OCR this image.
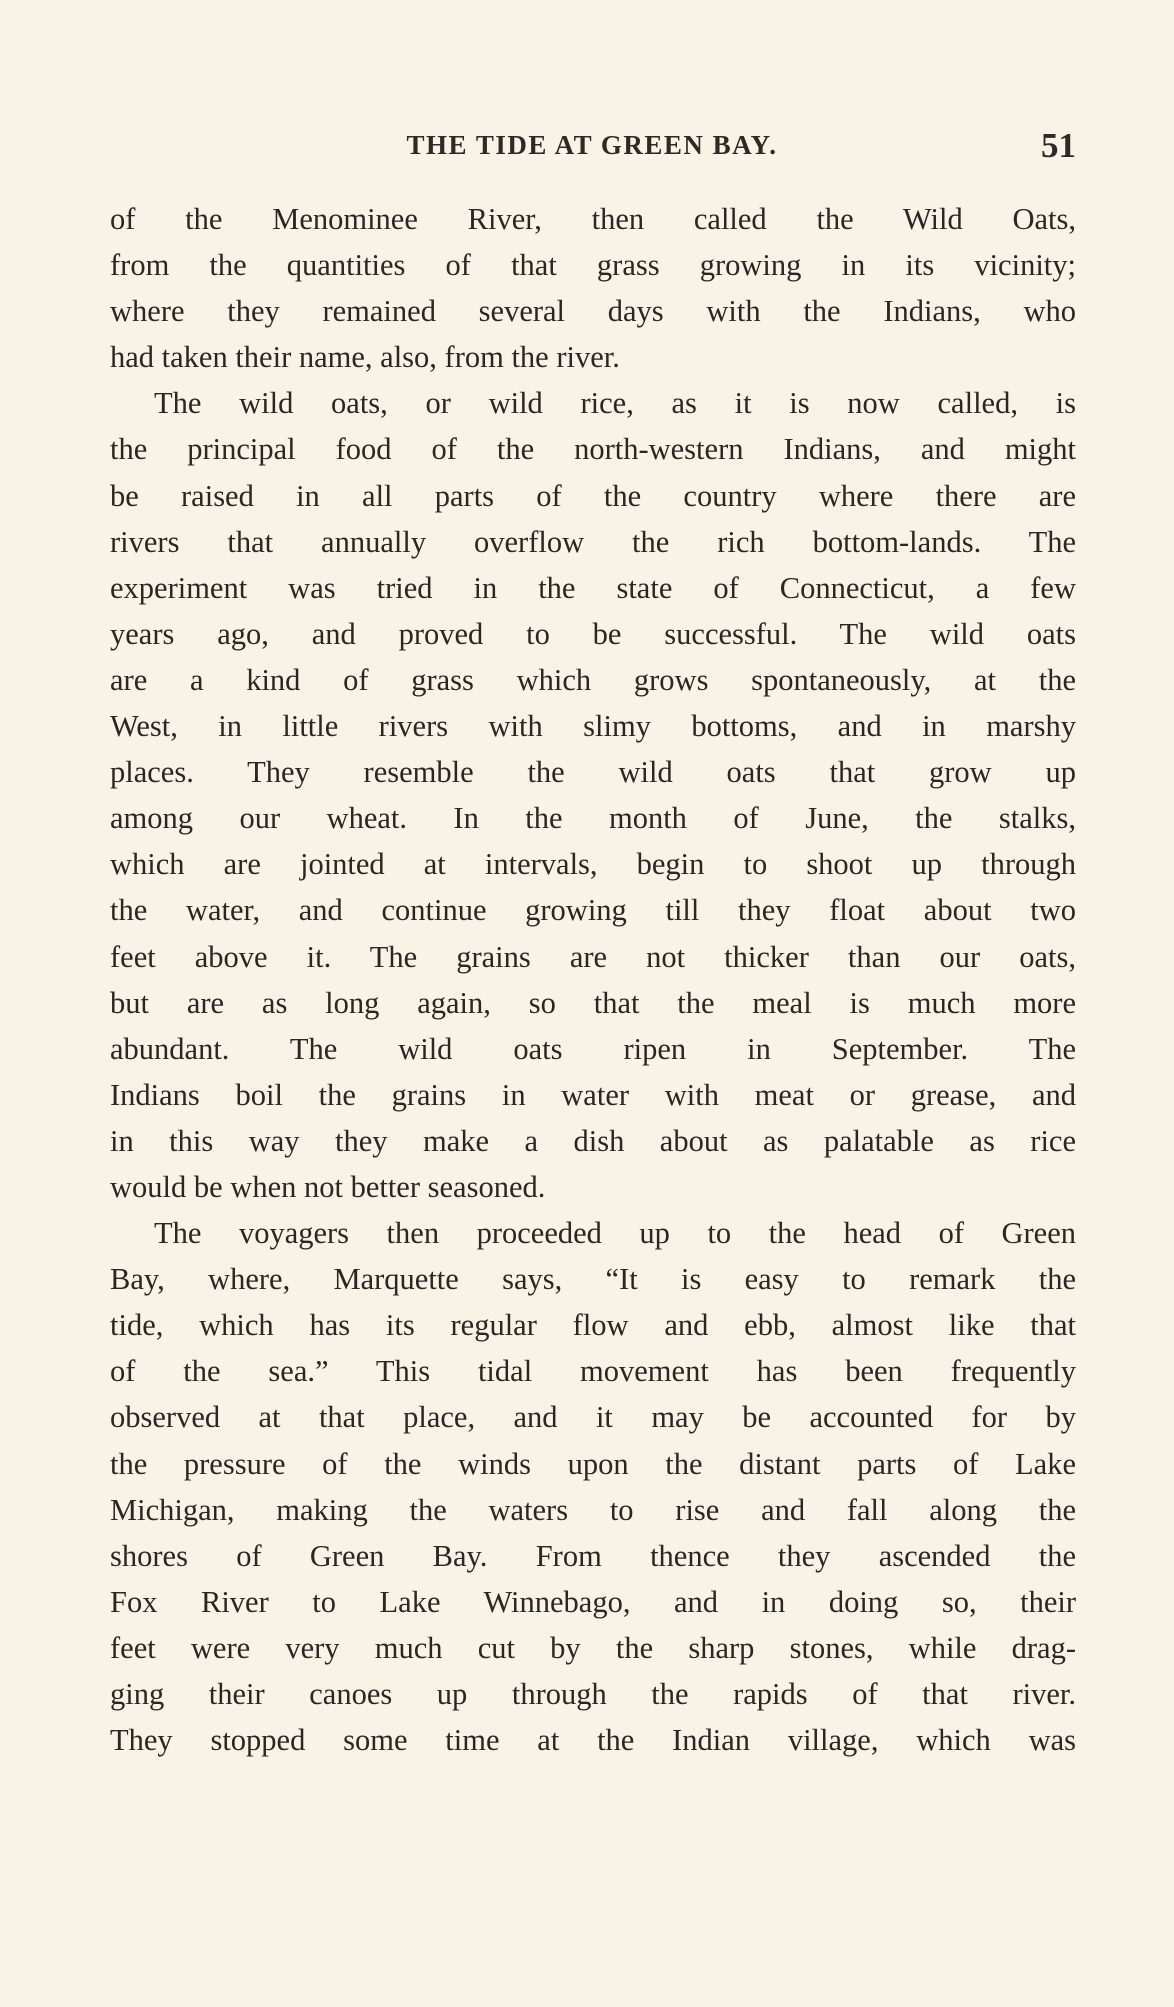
THE TIDE AT GREEN BAY.	51
of the Menominee River, then called the Wild Oats,
from the quantities of that grass growing in its vicinity;
where they remained several days with the Indians, who
had taken their name, also, from the river.
The wild oats, or wild rice, as it is now called, is
the principal food of the north-western Indians, and might
be raised in all parts of the country where there are
rivers that annually overflow the rich bottom-lands. The
experiment was tried in the state of Connecticut, a few
years ago, and proved to be successful. The wild oats
are a kind of grass which grows spontaneously, at the
West, in little rivers with slimy bottoms, and in marshy
places. They resemble the wild oats that grow up
among our wheat. In the month of June, the stalks,
which are jointed at intervals, begin to shoot up through
the water, and continue growing till they float about two
feet above it. The grains are not thicker than our oats,
but are as long again, so that the meal is much more
abundant. The wild oats ripen in September. The
Indians boil the grains in water with meat or grease, and
in this way they make a dish about as palatable as rice
would be when not better seasoned.
The voyagers then proceeded up to the head of Green
Bay, where, Marquette says, “It is easy to remark the
tide, which has its regular flow and ebb, almost like that
of the sea.” This tidal movement has been frequently
observed at that place, and it may be accounted for by
the pressure of the winds upon the distant parts of Lake
Michigan, making the waters to rise and fall along the
shores of Green Bay. From thence they ascended the
Fox River to Lake Winnebago, and in doing so, their
feet were very much cut by the sharp stones, while drag-
ging their canoes up through the rapids of that river.
They stopped some time at the Indian village, which was
